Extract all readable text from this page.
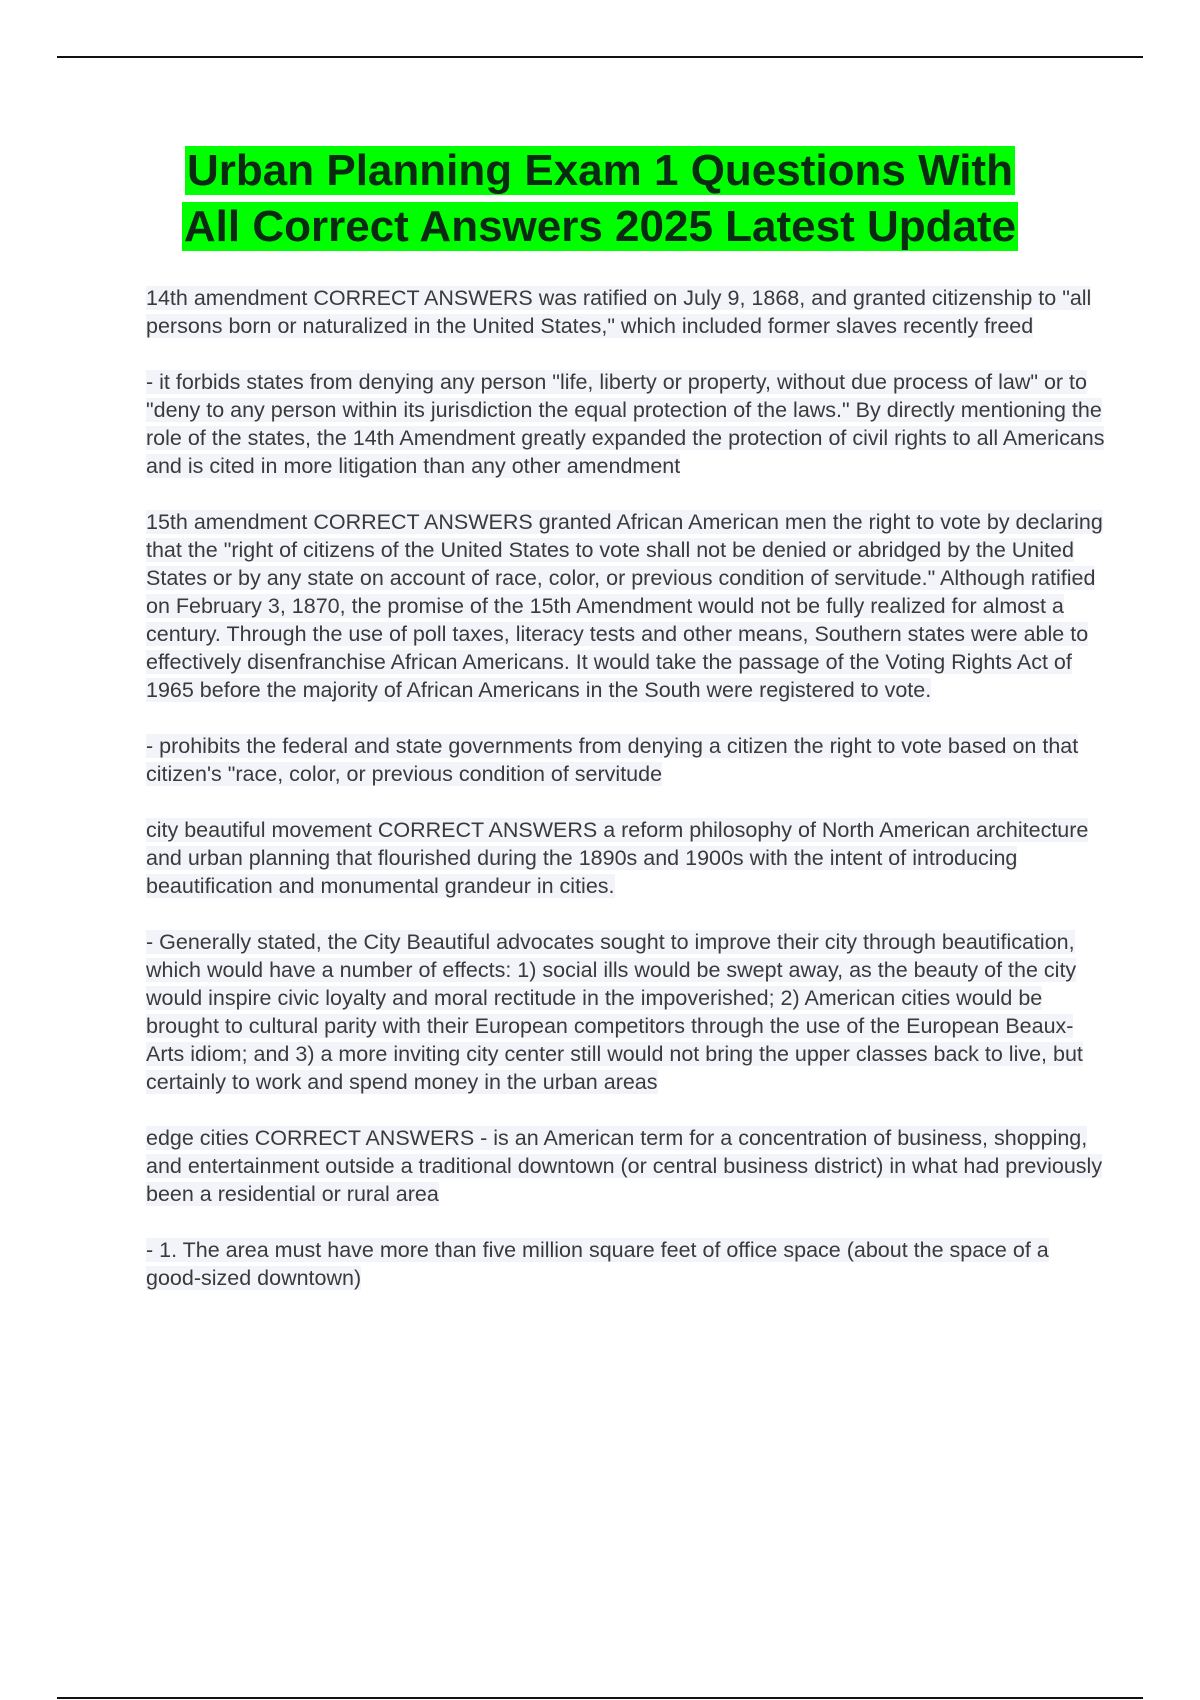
Urban Planning Exam 1 Questions With
All Correct Answers 2025 Latest Update

14th amendment CORRECT ANSWERS was ratified on July 9, 1868, and granted citizenship to "all persons born or naturalized in the United States," which included former slaves recently freed

- it forbids states from denying any person "life, liberty or property, without due process of law" or to "deny to any person within its jurisdiction the equal protection of the laws." By directly mentioning the role of the states, the 14th Amendment greatly expanded the protection of civil rights to all Americans and is cited in more litigation than any other amendment

15th amendment CORRECT ANSWERS granted African American men the right to vote by declaring that the "right of citizens of the United States to vote shall not be denied or abridged by the United States or by any state on account of race, color, or previous condition of servitude." Although ratified on February 3, 1870, the promise of the 15th Amendment would not be fully realized for almost a century. Through the use of poll taxes, literacy tests and other means, Southern states were able to effectively disenfranchise African Americans. It would take the passage of the Voting Rights Act of 1965 before the majority of African Americans in the South were registered to vote.

- prohibits the federal and state governments from denying a citizen the right to vote based on that citizen's "race, color, or previous condition of servitude

city beautiful movement CORRECT ANSWERS a reform philosophy of North American architecture and urban planning that flourished during the 1890s and 1900s with the intent of introducing beautification and monumental grandeur in cities.

- Generally stated, the City Beautiful advocates sought to improve their city through beautification, which would have a number of effects: 1) social ills would be swept away, as the beauty of the city would inspire civic loyalty and moral rectitude in the impoverished; 2) American cities would be brought to cultural parity with their European competitors through the use of the European Beaux-Arts idiom; and 3) a more inviting city center still would not bring the upper classes back to live, but certainly to work and spend money in the urban areas

edge cities CORRECT ANSWERS - is an American term for a concentration of business, shopping, and entertainment outside a traditional downtown (or central business district) in what had previously been a residential or rural area

- 1. The area must have more than five million square feet of office space (about the space of a good-sized downtown)
